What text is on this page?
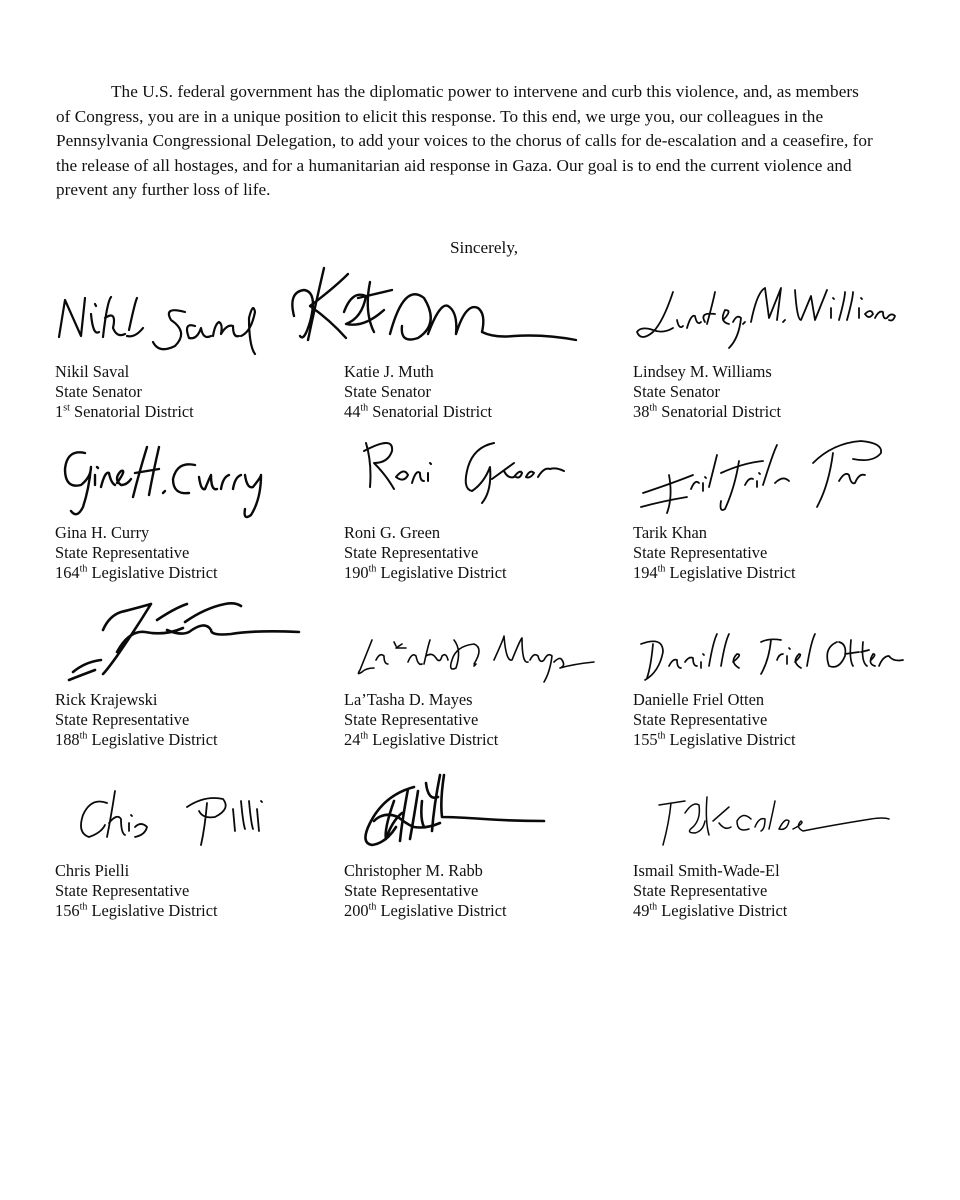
The U.S. federal government has the diplomatic power to intervene and curb this violence, and, as members of Congress, you are in a unique position to elicit this response. To this end, we urge you, our colleagues in the Pennsylvania Congressional Delegation, to add your voices to the chorus of calls for de-escalation and a ceasefire, for the release of all hostages, and for a humanitarian aid response in Gaza. Our goal is to end the current violence and prevent any further loss of life.

Sincerely,
Nikil Saval
State Senator
1st Senatorial District
Katie J. Muth
State Senator
44th Senatorial District
Lindsey M. Williams
State Senator
38th Senatorial District
Gina H. Curry
State Representative
164th Legislative District
Roni G. Green
State Representative
190th Legislative District
Tarik Khan
State Representative
194th Legislative District
Rick Krajewski
State Representative
188th Legislative District
La’Tasha D. Mayes
State Representative
24th Legislative District
Danielle Friel Otten
State Representative
155th Legislative District
Chris Pielli
State Representative
156th Legislative District
Christopher M. Rabb
State Representative
200th Legislative District
Ismail Smith-Wade-El
State Representative
49th Legislative District
